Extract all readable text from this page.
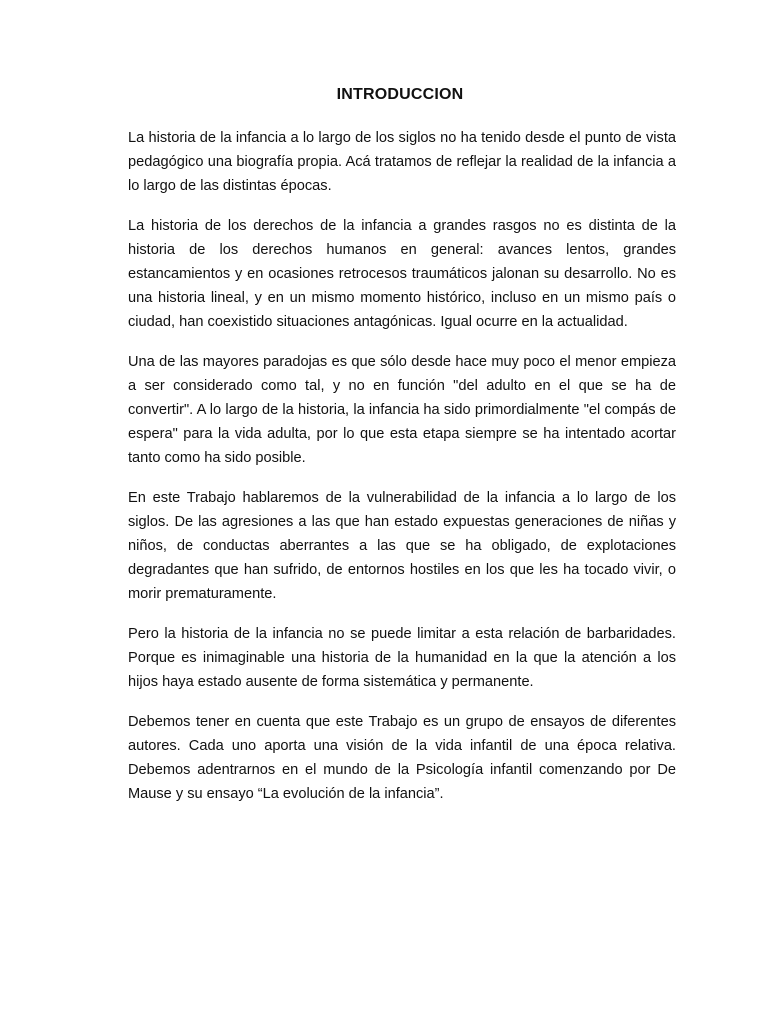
INTRODUCCION

La historia de la infancia a lo largo de los siglos no ha tenido desde el punto de vista pedagógico una biografía propia. Acá tratamos de reflejar la realidad de la infancia a lo largo de las distintas épocas.

La historia de los derechos de la infancia a grandes rasgos no es distinta de la historia de los derechos humanos en general: avances lentos, grandes estancamientos y en ocasiones retrocesos traumáticos jalonan su desarrollo. No es una historia lineal, y en un mismo momento histórico, incluso en un mismo país o ciudad, han coexistido situaciones antagónicas. Igual ocurre en la actualidad.

Una de las mayores paradojas es que sólo desde hace muy poco el menor empieza a ser considerado como tal, y no en función "del adulto en el que se ha de convertir". A lo largo de la historia, la infancia ha sido primordialmente "el compás de espera" para la vida adulta, por lo que esta etapa siempre se ha intentado acortar tanto como ha sido posible.

En este Trabajo hablaremos de la vulnerabilidad de la infancia a lo largo de los siglos. De las agresiones a las que han estado expuestas generaciones de niñas y niños, de conductas aberrantes a las que se ha obligado, de explotaciones degradantes que han sufrido, de entornos hostiles en los que les ha tocado vivir, o morir prematuramente.

Pero la historia de la infancia no se puede limitar a esta relación de barbaridades. Porque es inimaginable una historia de la humanidad en la que la atención a los hijos haya estado ausente de forma sistemática y permanente.

Debemos tener en cuenta que este Trabajo es un grupo de ensayos de diferentes autores. Cada uno aporta una visión de la vida infantil de una época relativa. Debemos adentrarnos en el mundo de la Psicología infantil comenzando por De Mause y su ensayo “La evolución de la infancia”.
